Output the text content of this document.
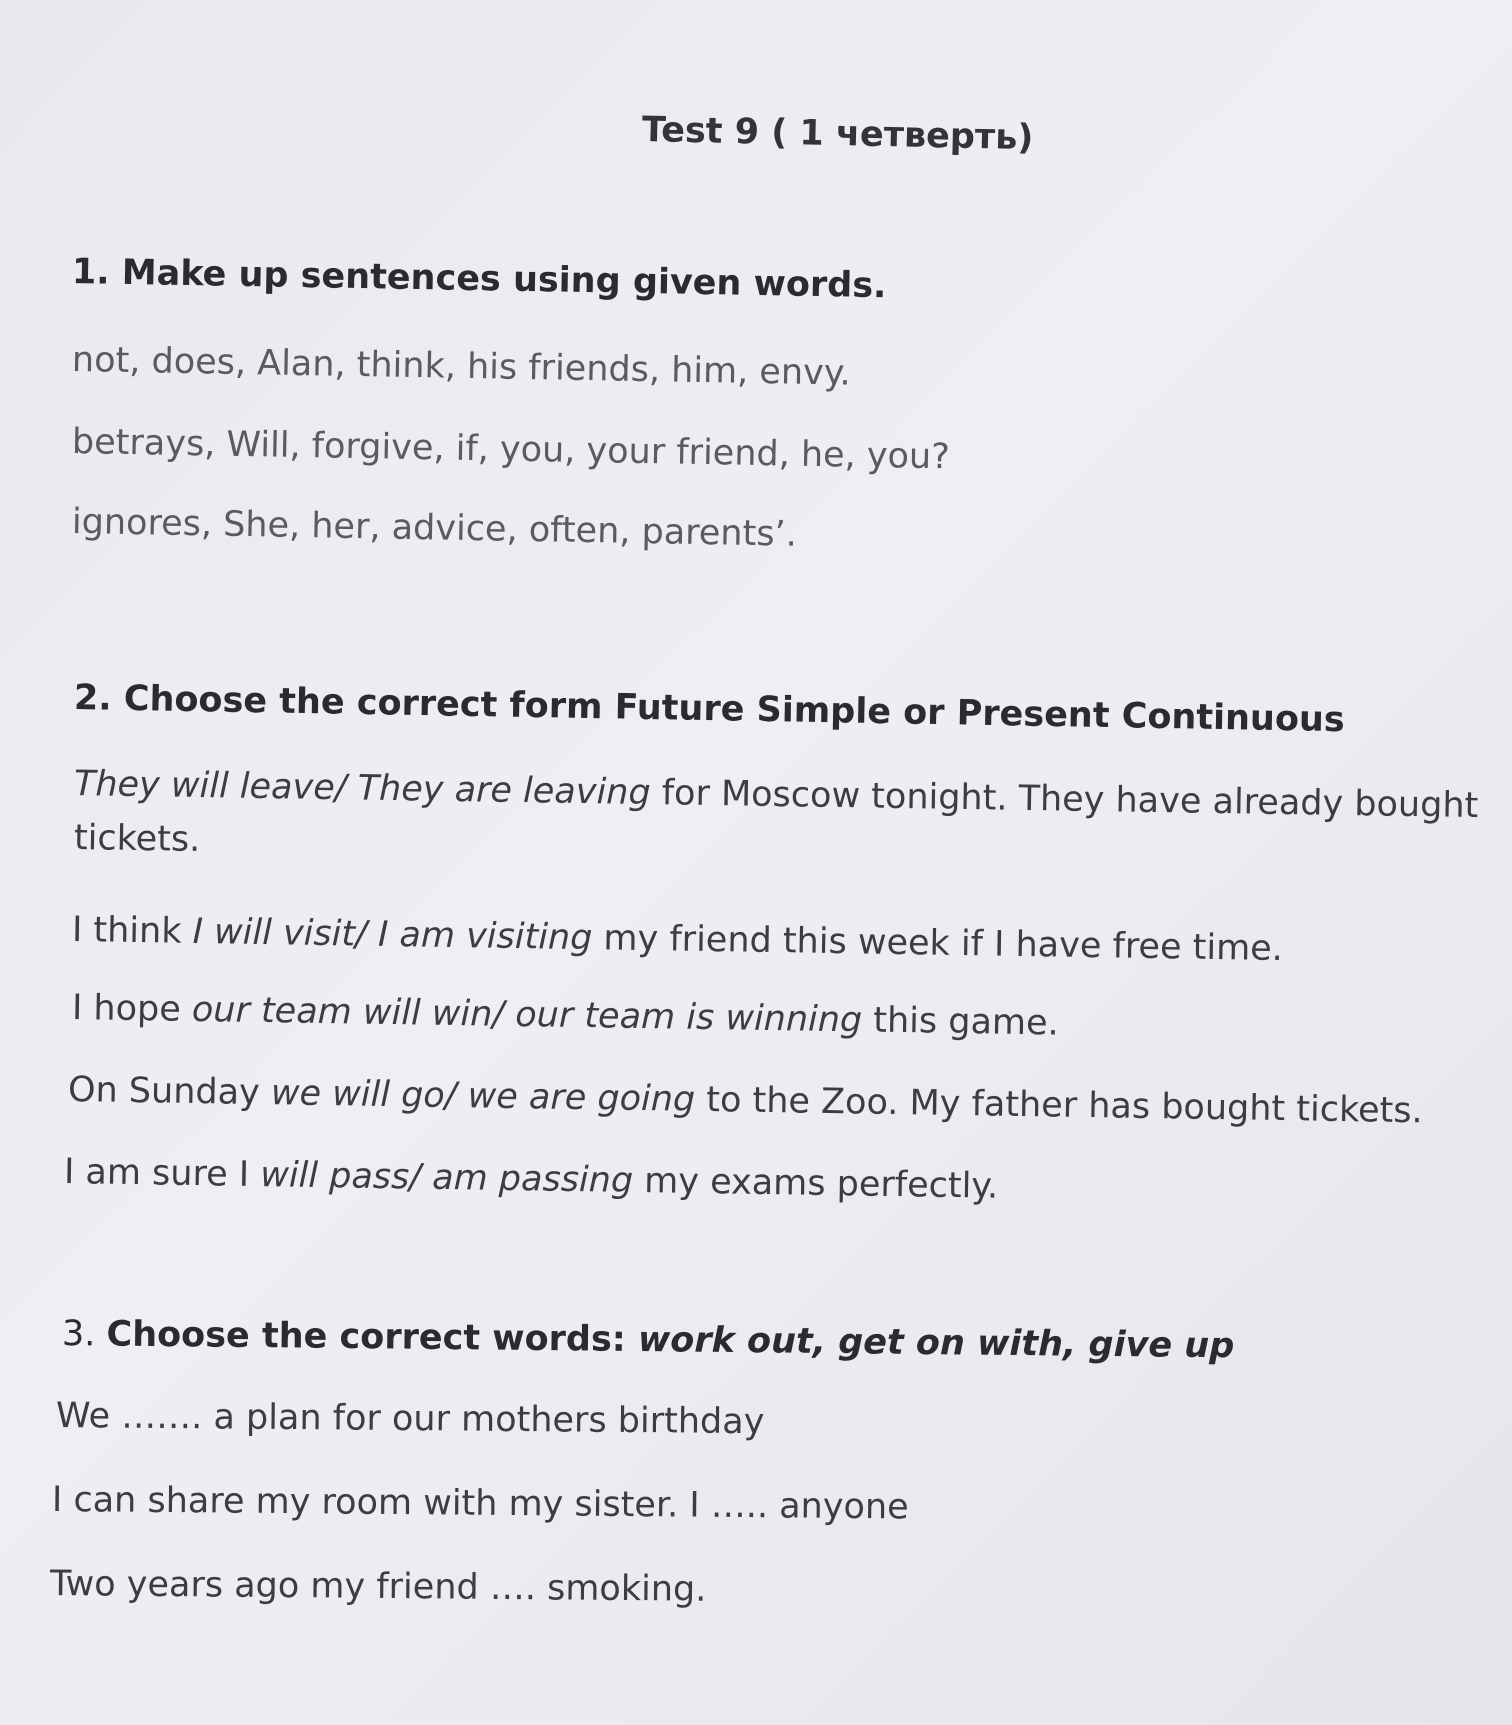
Test 9 ( 1 четверть)
1. Make up sentences using given words.
not, does, Alan, think, his friends, him, envy.
betrays, Will, forgive, if, you, your friend, he, you?
ignores, She, her, advice, often, parents’.
2. Choose the correct form Future Simple or Present Continuous
They will leave/ They are leaving for Moscow tonight. They have already bought
tickets.
I think I will visit/ I am visiting my friend this week if I have free time.
I hope our team will win/ our team is winning this game.
On Sunday we will go/ we are going to the Zoo. My father has bought tickets.
I am sure I will pass/ am passing my exams perfectly.
3. Choose the correct words: work out, get on with, give up
We ……. a plan for our mothers birthday
I can share my room with my sister. I ….. anyone
Two years ago my friend …. smoking.
